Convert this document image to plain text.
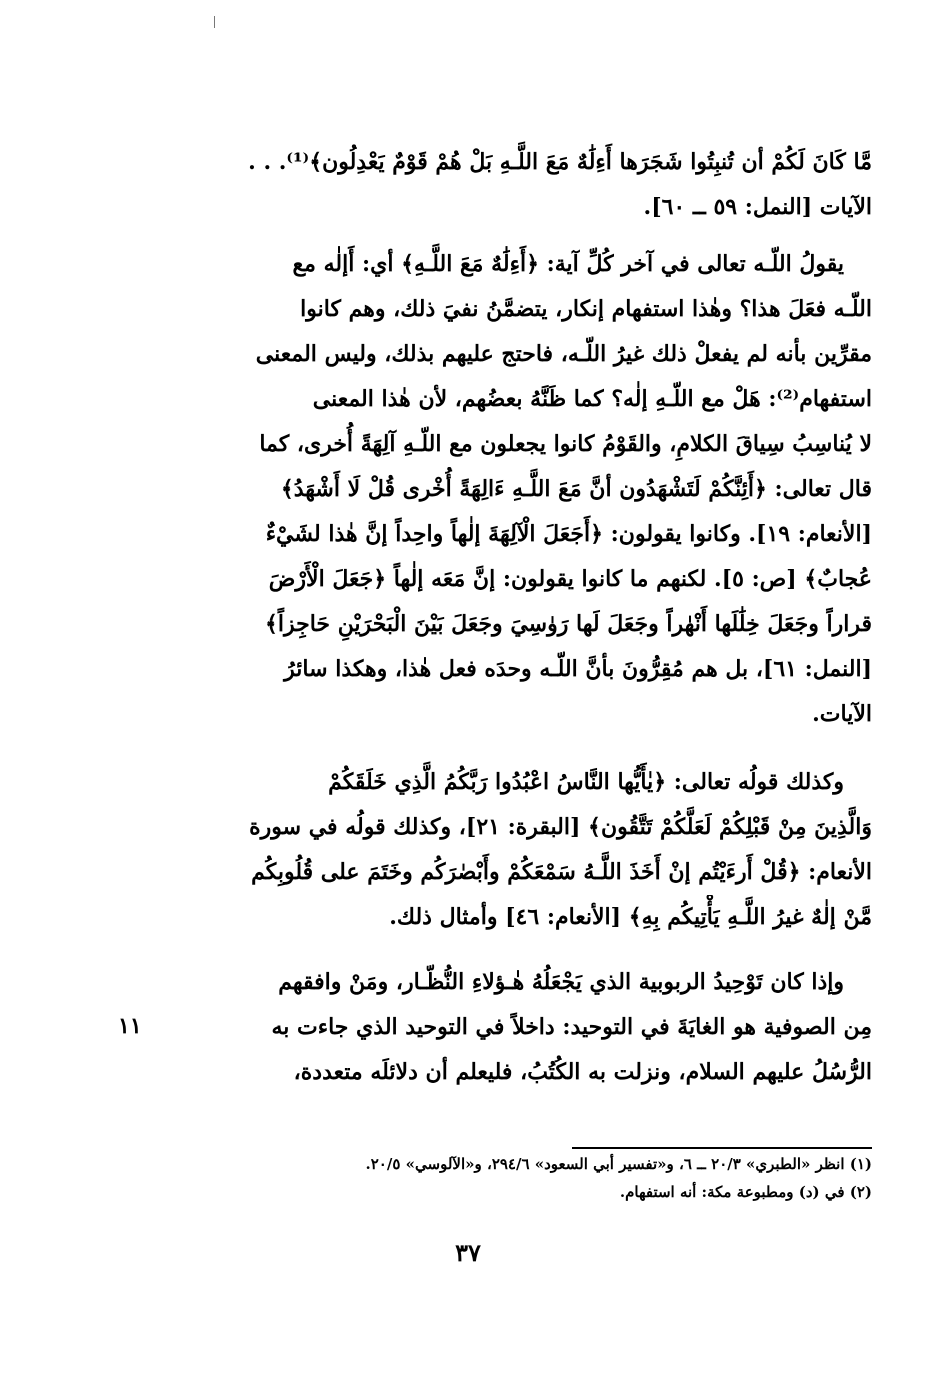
مَّا كَانَ لَكُمْ أن تُنبِتُوا شَجَرَها أَءِلَٰهٌ مَعَ اللَّـهِ بَلْ هُمْ قَوْمٌ يَعْدِلُون﴾⁽¹⁾. . .
الآيات [النمل: ٥٩ ــ ٦٠].
يقولُ اللّـه تعالى في آخر كُلِّ آية: ﴿أَءِلَٰهٌ مَعَ اللَّـهِ﴾ أي: أَإلٰه مع
اللّـه فعَلَ هذا؟ وهٰذا استفهام إنكار، يتضمَّنُ نفيَ ذلك، وهم كانوا
مقرِّين بأنه لم يفعلْ ذلك غيرُ اللّـه، فاحتج عليهم بذلك، وليس المعنى
استفهام⁽²⁾: هَلْ مع اللّـهِ إلٰه؟ كما ظَنَّهُ بعضُهم، لأن هٰذا المعنى
لا يُناسِبُ سِياقَ الكلامِ، والقَوْمُ كانوا يجعلون مع اللّـهِ آلِهَةً أُخرى، كما
قال تعالى: ﴿أَئِنَّكُمْ لَتَشْهَدُون أنَّ مَعَ اللَّـهِ ءَالِهَةً أُخْرى قُلْ لَا أَشْهَدُ﴾
[الأنعام: ١٩]. وكانوا يقولون: ﴿أَجَعَلَ الْآلِهَةَ إلٰهاً واحِداً إنَّ هٰذا لشَيْءٌ
عُجابٌ﴾ [ص: ٥]. لكنهم ما كانوا يقولون: إنَّ مَعَه إلٰهاً ﴿جَعَلَ الْأَرْضَ
قراراً وجَعَلَ خِلَٰلَها أَنْهٰراً وجَعَلَ لَها رَوٰسِيَ وجَعَلَ بَيْنَ الْبَحْرَيْنِ حَاجِزاً﴾
[النمل: ٦١]، بل هم مُقِرُّونَ بأنَّ اللّـه وحدَه فعل هٰذا، وهكذا سائرُ
الآيات.
وكذلك قولُه تعالى: ﴿يٰأَيُّها النَّاسُ اعْبُدُوا رَبَّكُمُ الَّذِي خَلَقَكُمْ
وَالَّذِينَ مِنْ قَبْلِكُمْ لَعَلَّكُمْ تَتَّقُون﴾ [البقرة: ٢١]، وكذلك قولُه في سورة
الأنعام: ﴿قُلْ أَرءَيْتُم إنْ أَخَذَ اللَّـهُ سَمْعَكُمْ وأَبْصٰرَكُم وخَتَمَ على قُلُوبِكُم
مَّنْ إلٰهٌ غيرُ اللَّـهِ يَأْتِيكُم بِهِ﴾ [الأنعام: ٤٦] وأمثال ذلك.
وإذا كان تَوْحِيدُ الربوبية الذي يَجْعَلُهُ هٰـؤلاءِ النُّظّـار، ومَنْ وافقهم
مِن الصوفية هو الغايَةَ في التوحيد: داخلاً في التوحيد الذي جاءت به
الرُّسُلُ عليهم السلام، ونزلت به الكُتُبُ، فليعلم أن دلائلَه متعددة،
١١
(١) انظر «الطبري» ٢٠/٣ ــ ٦، و«تفسير أبي السعود» ٢٩٤/٦، و«الآلوسي» ٢٠/٥.
(٢) في (د) ومطبوعة مكة: أنه استفهام.
٣٧
